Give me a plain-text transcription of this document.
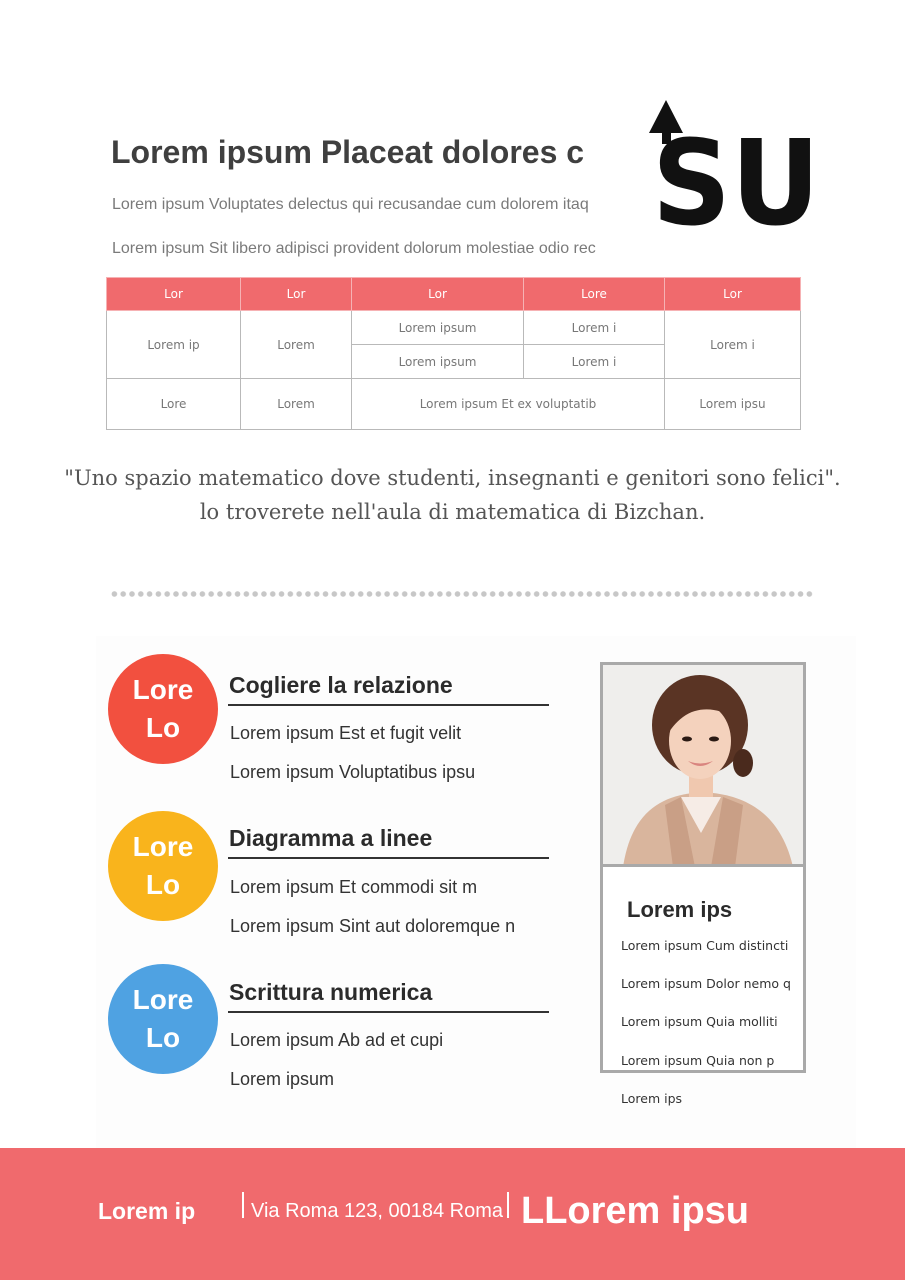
Lorem ipsum Placeat dolores c
Lorem ipsum Voluptates delectus qui recusandae cum dolorem itaq
Lorem ipsum Sit libero adipisci provident dolorum molestiae odio rec SU
Lor	Lor	Lor	Lore	Lor
Lorem ip	Lorem	Lorem ipsum	Lorem i	Lorem i
		Lorem ipsum	Lorem i	
Lore	Lorem	Lorem ipsum Et ex voluptatib		Lorem ipsu
"Uno spazio matematico dove studenti, insegnanti e genitori sono felici".
lo troverete nell'aula di matematica di Bizchan.
Lore
Lo
Cogliere la relazione
Lorem ipsum Est et fugit velit
Lorem ipsum Voluptatibus ipsu
Lore
Lo
Diagramma a linee
Lorem ipsum Et commodi sit m
Lorem ipsum Sint aut doloremque n
Lore
Lo
Scrittura numerica
Lorem ipsum Ab ad et cupi
Lorem ipsum
Lorem ips
Lorem ipsum Cum distincti
Lorem ipsum Dolor nemo q
Lorem ipsum Quia molliti
Lorem ipsum Quia non p
Lorem ips
Lorem ip	Via Roma 123, 00184 Roma LLorem ipsu
